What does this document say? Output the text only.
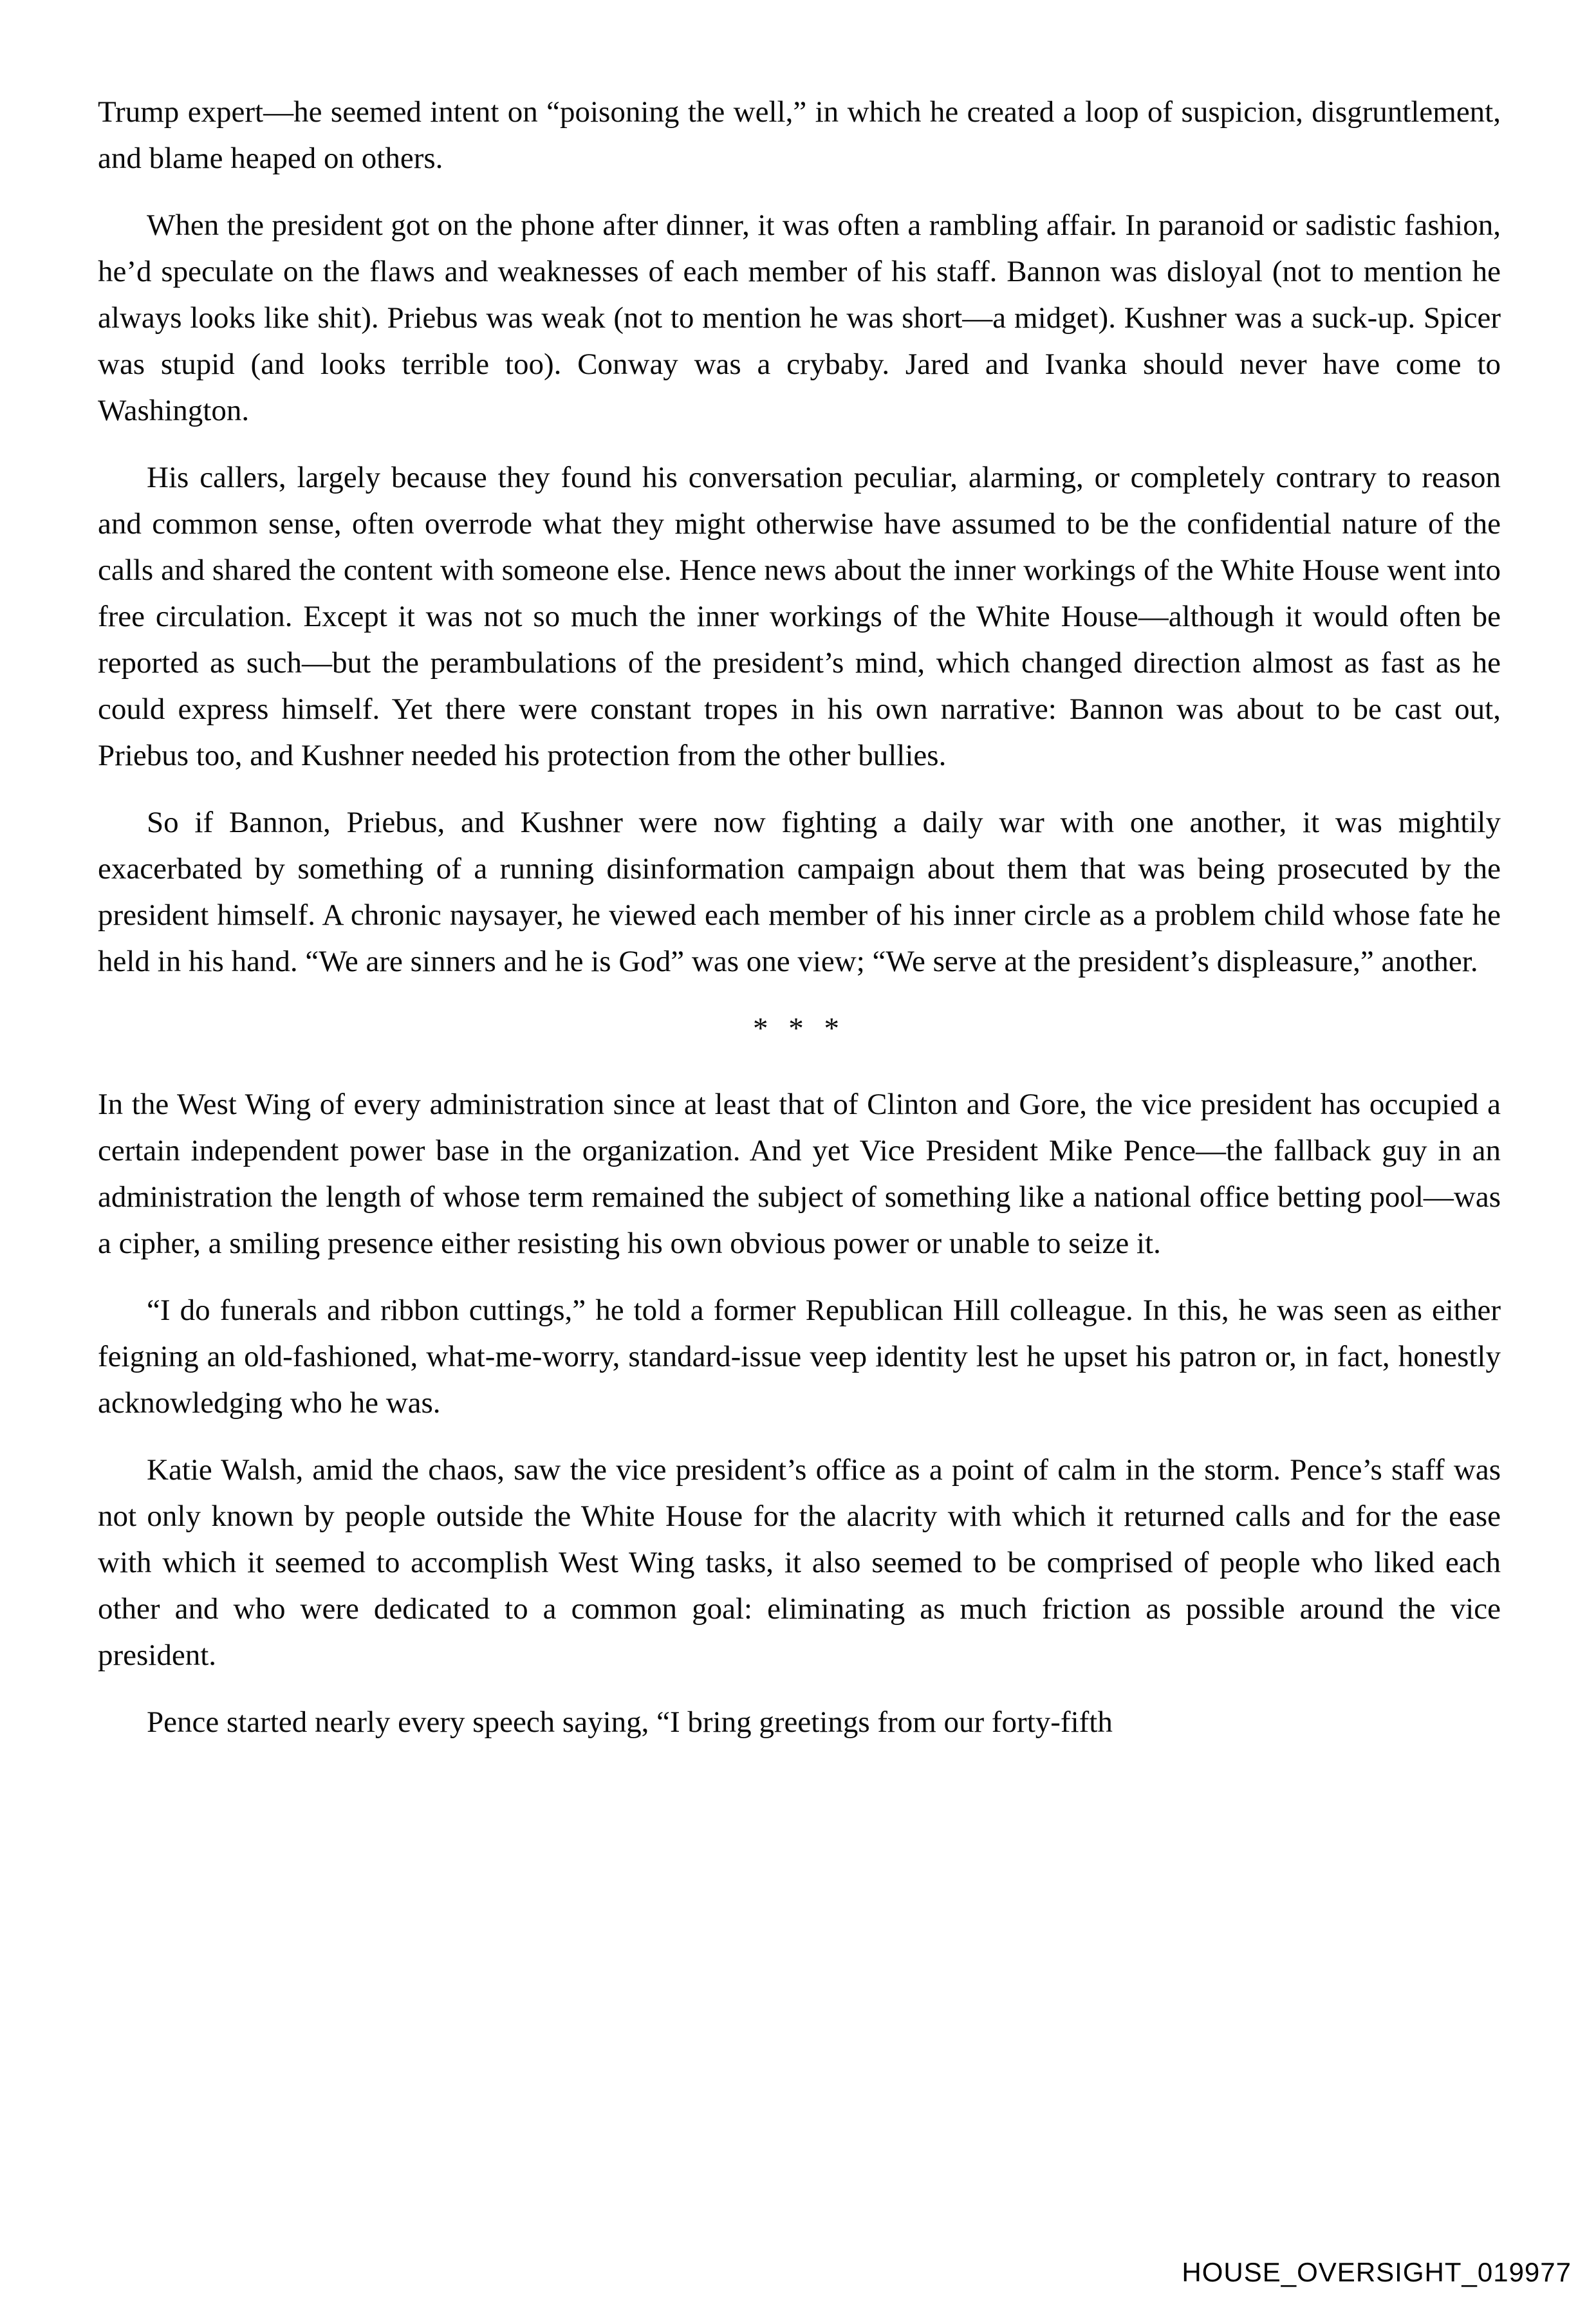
Trump expert—he seemed intent on “poisoning the well,” in which he created a loop of suspicion, disgruntlement, and blame heaped on others.

When the president got on the phone after dinner, it was often a rambling affair. In paranoid or sadistic fashion, he’d speculate on the flaws and weaknesses of each member of his staff. Bannon was disloyal (not to mention he always looks like shit). Priebus was weak (not to mention he was short—a midget). Kushner was a suck-up. Spicer was stupid (and looks terrible too). Conway was a crybaby. Jared and Ivanka should never have come to Washington.

His callers, largely because they found his conversation peculiar, alarming, or completely contrary to reason and common sense, often overrode what they might otherwise have assumed to be the confidential nature of the calls and shared the content with someone else. Hence news about the inner workings of the White House went into free circulation. Except it was not so much the inner workings of the White House—although it would often be reported as such—but the perambulations of the president’s mind, which changed direction almost as fast as he could express himself. Yet there were constant tropes in his own narrative: Bannon was about to be cast out, Priebus too, and Kushner needed his protection from the other bullies.

So if Bannon, Priebus, and Kushner were now fighting a daily war with one another, it was mightily exacerbated by something of a running disinformation campaign about them that was being prosecuted by the president himself. A chronic naysayer, he viewed each member of his inner circle as a problem child whose fate he held in his hand. “We are sinners and he is God” was one view; “We serve at the president’s displeasure,” another.

* * *

In the West Wing of every administration since at least that of Clinton and Gore, the vice president has occupied a certain independent power base in the organization. And yet Vice President Mike Pence—the fallback guy in an administration the length of whose term remained the subject of something like a national office betting pool—was a cipher, a smiling presence either resisting his own obvious power or unable to seize it.

“I do funerals and ribbon cuttings,” he told a former Republican Hill colleague. In this, he was seen as either feigning an old-fashioned, what-me-worry, standard-issue veep identity lest he upset his patron or, in fact, honestly acknowledging who he was.

Katie Walsh, amid the chaos, saw the vice president’s office as a point of calm in the storm. Pence’s staff was not only known by people outside the White House for the alacrity with which it returned calls and for the ease with which it seemed to accomplish West Wing tasks, it also seemed to be comprised of people who liked each other and who were dedicated to a common goal: eliminating as much friction as possible around the vice president.

Pence started nearly every speech saying, “I bring greetings from our forty-fifth

HOUSE_OVERSIGHT_019977
